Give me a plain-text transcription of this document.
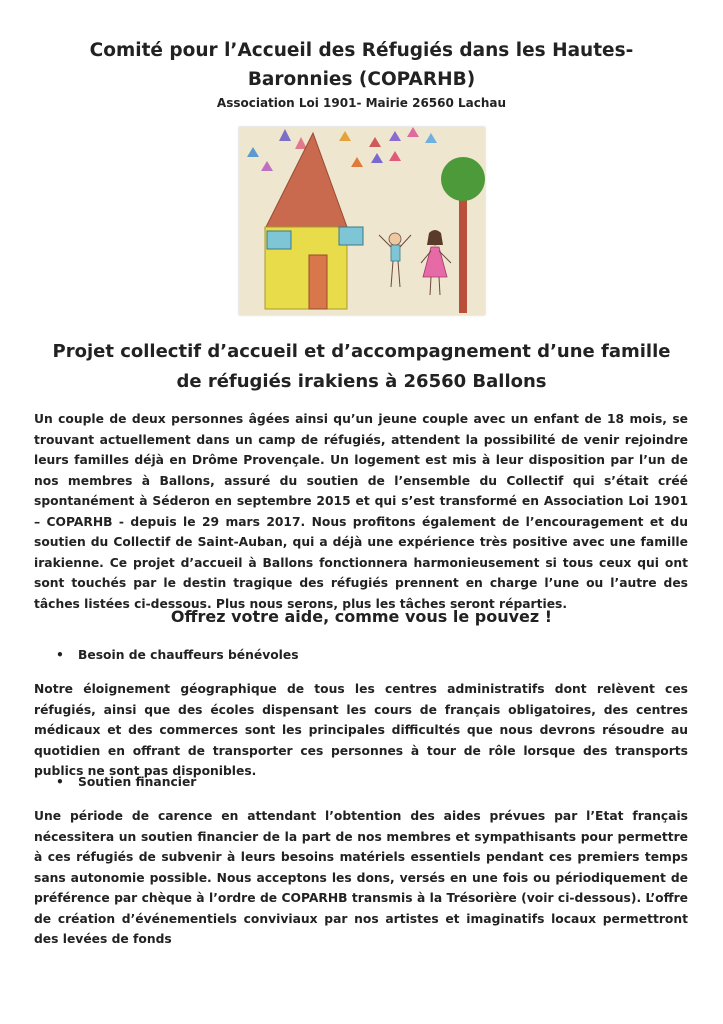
Comité pour l’Accueil des Réfugiés dans les Hautes-Baronnies (COPARHB)
Association Loi 1901- Mairie 26560 Lachau
Projet collectif d’accueil et d’accompagnement d’une famille de réfugiés irakiens à 26560 Ballons

Un couple de deux personnes âgées ainsi qu’un jeune couple avec un enfant de 18 mois, se trouvant actuellement dans un camp de réfugiés, attendent la possibilité de venir rejoindre leurs familles déjà en Drôme Provençale. Un logement est mis à leur disposition par l’un de nos membres à Ballons, assuré du soutien de l’ensemble du Collectif qui s’était créé spontanément à Séderon en septembre 2015 et qui s’est transformé en Association Loi 1901 – COPARHB - depuis le 29 mars 2017. Nous profitons également de l’encouragement et du soutien du Collectif de Saint-Auban, qui a déjà une expérience très positive avec une famille irakienne. Ce projet d’accueil à Ballons fonctionnera harmonieusement si tous ceux qui ont sont touchés par le destin tragique des réfugiés prennent en charge l’une ou l’autre des tâches listées ci-dessous. Plus nous serons, plus les tâches seront réparties.

Offrez votre aide, comme vous le pouvez !
• Besoin de chauffeurs bénévoles

Notre éloignement géographique de tous les centres administratifs dont relèvent ces réfugiés, ainsi que des écoles dispensant les cours de français obligatoires, des centres médicaux et des commerces sont les principales difficultés que nous devrons résoudre au quotidien en offrant de transporter ces personnes à tour de rôle lorsque des transports publics ne sont pas disponibles.

• Soutien financier

Une période de carence en attendant l’obtention des aides prévues par l’Etat français nécessitera un soutien financier de la part de nos membres et sympathisants pour permettre à ces réfugiés de subvenir à leurs besoins matériels essentiels pendant ces premiers temps sans autonomie possible. Nous acceptons les dons, versés en une fois ou périodiquement de préférence par chèque à l’ordre de COPARHB transmis à la Trésorière (voir ci-dessous). L’offre de création d’événementiels conviviaux par nos artistes et imaginatifs locaux permettront des levées de fonds
